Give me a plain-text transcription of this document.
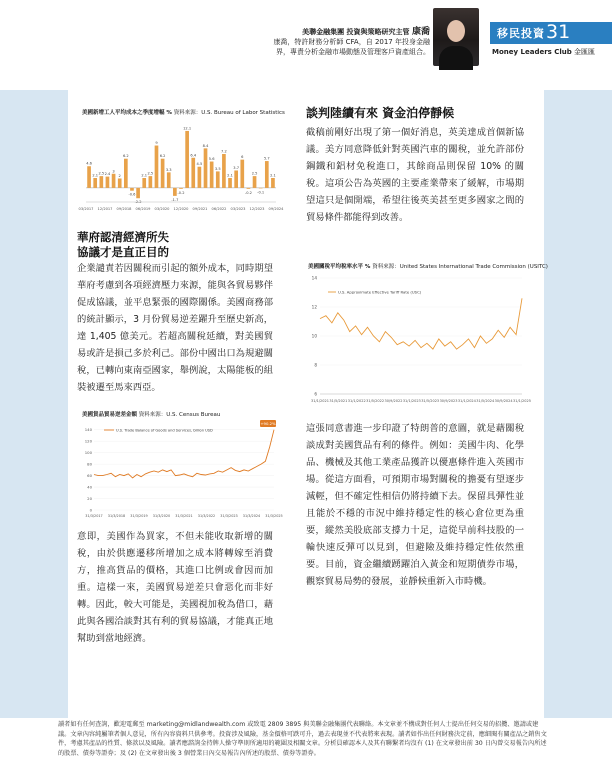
美聯金融集團 投資與策略研究主管 康喬
康喬，特許財務分析師 CFA，自 2017 年投身金融
界，專責分析金融市場動態及管理客戶資產組合。
移民投資 31
Money Leaders Club 金匯匯
美國新增工人平均成本之季度增幅 % 資料來源：U.S. Bureau of Labor Statistics
4.6
2.1 2.5 2.4
3
2
6.2
-0.6
-2.2
2.1 2.5
9
6.2
3.3
-1.7
-0.2
12.1
6.4
4.5
8.4
5.6
3.5
7.2
2.1
3.7
6
-0.2
2.5
-0.1
5.7
2.1
03/2017 12/2017 09/2018 06/2019 03/2020 12/2020 09/2021 06/2022 03/2023 12/2023 09/2024
華府認清經濟所失
協議才是直正目的
企業譴責若因關稅而引起的額外成本，同時期望華府考慮到各項經濟壓力來源，能與各貿易夥伴促成協議，並平息緊張的國際關係。美國商務部的統計顯示，3 月份貿易逆差躍升至歷史新高，達 1,405 億美元。若超高關稅延續，對美國貿易或許是損己多於利己。部份中國出口為規避關稅，已轉向東南亞國家，舉例說，太陽能板的組裝被遷至馬來西亞。
美國貨品貿易逆差金額 資料來源：U.S. Census Bureau
140
120
100
80
60
40
20
0
U.S. Trade Balance of Goods and Services, billion USD
+90.2%
31/3/2017 31/3/2018 31/3/2019 31/3/2020 31/3/2021 31/3/2022 31/3/2023 31/3/2024 31/3/2025
意即，美國作為買家，不但未能收取新增的關稅，由於供應遷移所增加之成本將轉嫁至消費方，推高貨品的價格，其進口比例或會因而加重。這樣一來，美國貿易逆差只會惡化而非好轉。因此，較大可能是，美國視加稅為借口，藉此與各國洽談對其有利的貿易協議，才能真正地幫助到當地經濟。
談判陸續有來 資金泊停靜候
截稿前剛好出現了第一個好消息，英美達成首個新協議。美方同意降低針對英國汽車的關稅，並允許部份鋼鐵和鋁材免稅進口，其餘商品則保留 10% 的關稅。這項公告為英國的主要產業帶來了緩解，市場期望這只是個開端，希望往後英美甚至更多國家之間的貿易條件都能得到改善。
美國關稅平均稅率水平 % 資料來源：United States International Trade Commission (USITC)
14
12
10
8
6
U.S. Approximate Effective Tariff Rate (USC)
31/1/2021 31/5/2021 31/1/2022 31/5/2022 30/9/2022 31/1/2023 31/5/2023 30/9/2023 31/1/2024 31/5/2024 30/9/2024 31/1/2025
這張同意書進一步印證了特朗普的意圖，就是藉關稅談成對美國貨品有利的條件。例如：美國牛肉、化學品、機械及其他工業產品獲許以優惠條件進入英國市場。從這方面看，可預期市場對關稅的擔憂有望逐步減輕，但不確定性相信仍將持續下去。保留具彈性並且能於不穩的市況中維持穩定性的核心倉位更為重要，縱然美股底部支撐力十足，這從早前科技股的一輪快速反彈可以見到，但避險及維持穩定性依然重要。目前，資金繼續踴躍泊入黃金和短期債券市場，觀察貿易局勢的發展，並靜候重新入市時機。
讀者如有任何查詢，歡迎電郵至 marketing@midlandwealth.com 或致電 2809 3895 與美聯金融集團代表聯絡。本文章並不構成對任何人士提出任何交易的招攬、邀請或建議。文章內容純屬筆者個人意見，所有內容資料只供參考。投資涉及風險，基金價格可跌可升，過去表現並不代表將來表現。讀者如作出任何財務決定前，應細閱有關產品之銷售文件，考慮其產品的性質、條款以及風險。讀者應諮詢金持牌人操守準則所適用的範圍及相關文章。分析員確認本人及其有聯繫者均沒有 (1) 在文章發出前 30 日內曾交易報告內所述的股票、債券等證券；及 (2) 在文章發出後 3 個營業日內交易報告內所述的股票、債券等證券。
